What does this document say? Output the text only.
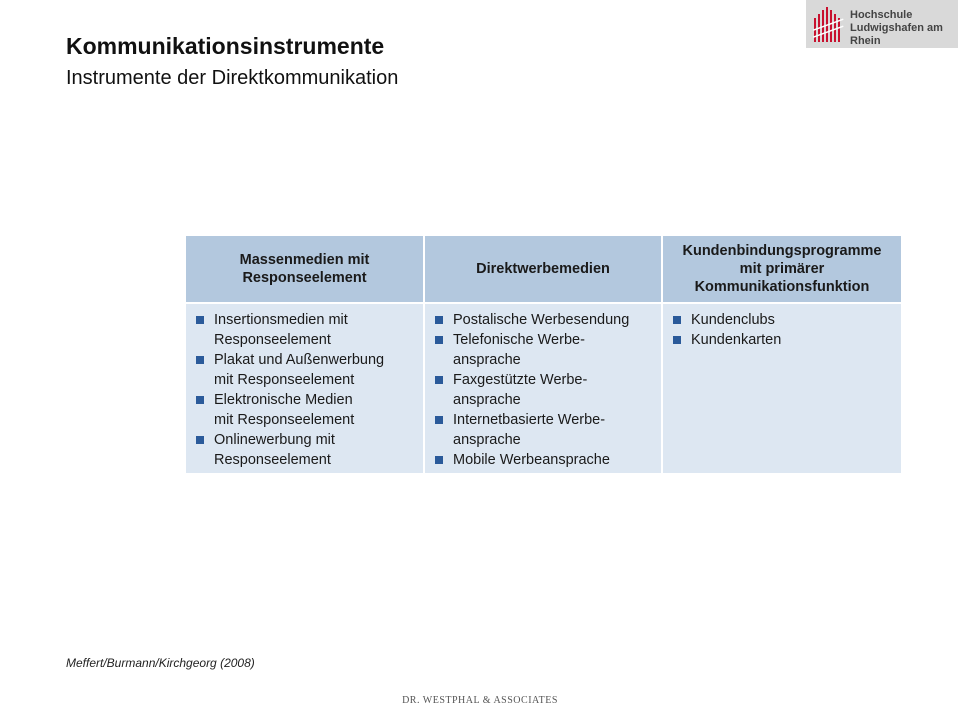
Kommunikationsinstrumente
Instrumente der Direktkommunikation
Hochschule
Ludwigshafen am Rhein
Massenmedien mit
Responseelement
Direktwerbemedien
Kundenbindungsprogramme
mit primärer
Kommunikationsfunktion
Insertionsmedien mit
Responseelement
Plakat und Außenwerbung
mit Responseelement
Elektronische Medien
mit Responseelement
Onlinewerbung mit
Responseelement
Postalische Werbesendung
Telefonische Werbe-
ansprache
Faxgestützte Werbe-
ansprache
Internetbasierte Werbe-
ansprache
Mobile Werbeansprache
Kundenclubs
Kundenkarten
Meffert/Burmann/Kirchgeorg (2008)
DR. WESTPHAL & ASSOCIATES
